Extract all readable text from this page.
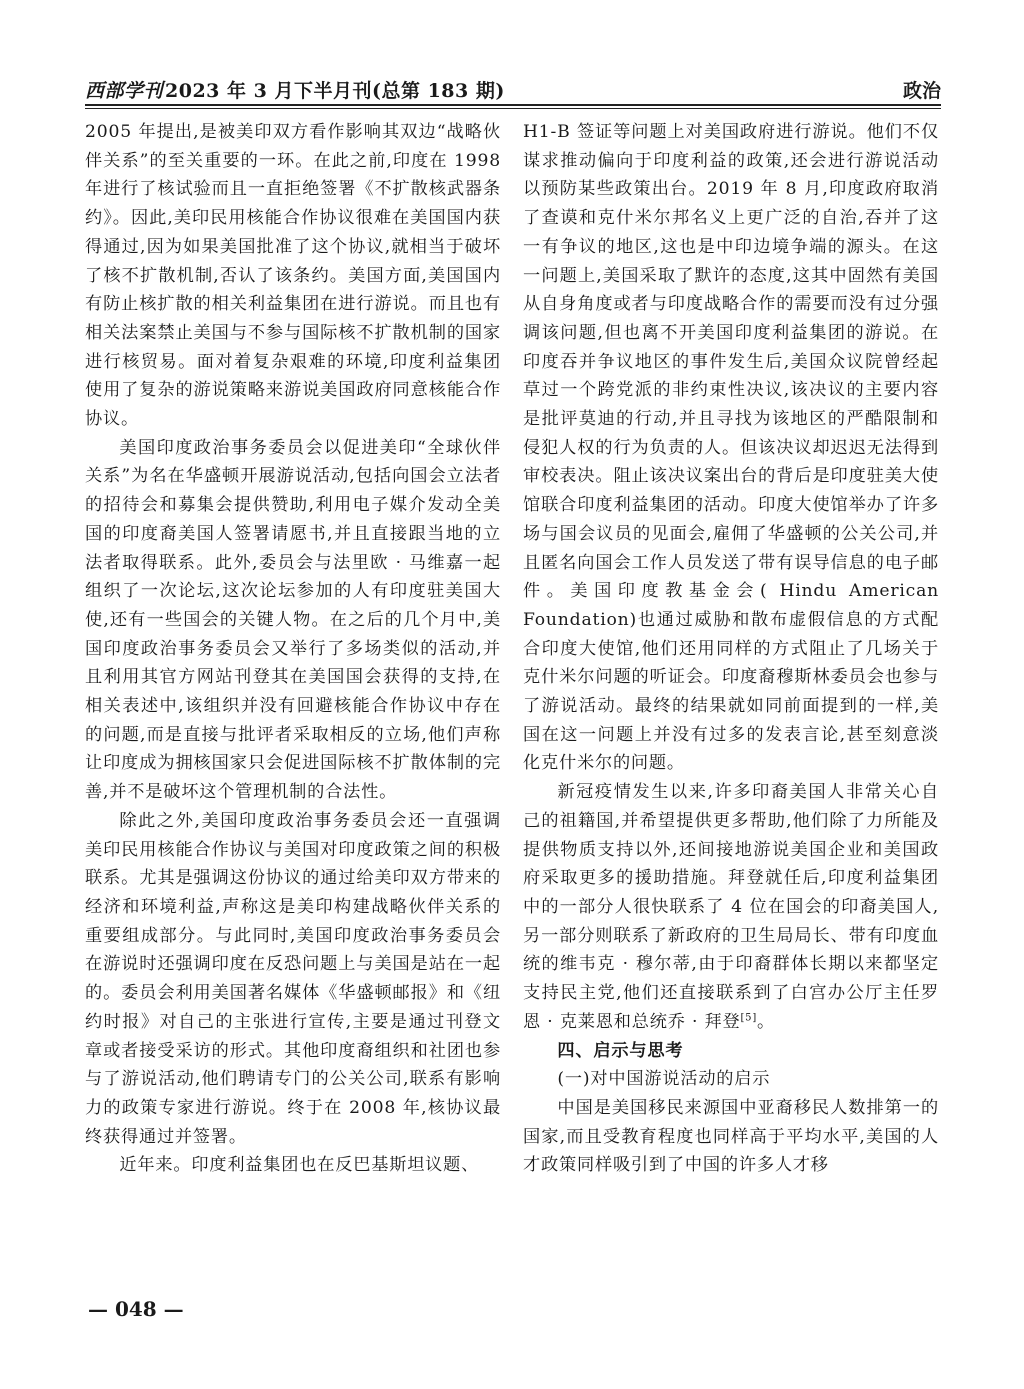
西部学刊 2023 年 3 月下半月刊(总第 183 期)	政治

2005 年提出,是被美印双方看作影响其双边“战略伙伴关系”的至关重要的一环。在此之前,印度在 1998 年进行了核试验而且一直拒绝签署《不扩散核武器条约》。因此,美印民用核能合作协议很难在美国国内获得通过,因为如果美国批准了这个协议,就相当于破坏了核不扩散机制,否认了该条约。美国方面,美国国内有防止核扩散的相关利益集团在进行游说。而且也有相关法案禁止美国与不参与国际核不扩散机制的国家进行核贸易。面对着复杂艰难的环境,印度利益集团使用了复杂的游说策略来游说美国政府同意核能合作协议。

美国印度政治事务委员会以促进美印“全球伙伴关系”为名在华盛顿开展游说活动,包括向国会立法者的招待会和募集会提供赞助,利用电子媒介发动全美国的印度裔美国人签署请愿书,并且直接跟当地的立法者取得联系。此外,委员会与法里欧 · 马维嘉一起组织了一次论坛,这次论坛参加的人有印度驻美国大使,还有一些国会的关键人物。在之后的几个月中,美国印度政治事务委员会又举行了多场类似的活动,并且利用其官方网站刊登其在美国国会获得的支持,在相关表述中,该组织并没有回避核能合作协议中存在的问题,而是直接与批评者采取相反的立场,他们声称让印度成为拥核国家只会促进国际核不扩散体制的完善,并不是破坏这个管理机制的合法性。

除此之外,美国印度政治事务委员会还一直强调美印民用核能合作协议与美国对印度政策之间的积极联系。尤其是强调这份协议的通过给美印双方带来的经济和环境利益,声称这是美印构建战略伙伴关系的重要组成部分。与此同时,美国印度政治事务委员会在游说时还强调印度在反恐问题上与美国是站在一起的。委员会利用美国著名媒体《华盛顿邮报》和《纽约时报》对自己的主张进行宣传,主要是通过刊登文章或者接受采访的形式。其他印度裔组织和社团也参与了游说活动,他们聘请专门的公关公司,联系有影响力的政策专家进行游说。终于在 2008 年,核协议最终获得通过并签署。

近年来。印度利益集团也在反巴基斯坦议题、

H1-B 签证等问题上对美国政府进行游说。他们不仅谋求推动偏向于印度利益的政策,还会进行游说活动以预防某些政策出台。2019 年 8 月,印度政府取消了查谟和克什米尔邦名义上更广泛的自治,吞并了这一有争议的地区,这也是中印边境争端的源头。在这一问题上,美国采取了默许的态度,这其中固然有美国从自身角度或者与印度战略合作的需要而没有过分强调该问题,但也离不开美国印度利益集团的游说。在印度吞并争议地区的事件发生后,美国众议院曾经起草过一个跨党派的非约束性决议,该决议的主要内容是批评莫迪的行动,并且寻找为该地区的严酷限制和侵犯人权的行为负责的人。但该决议却迟迟无法得到审校表决。阻止该决议案出台的背后是印度驻美大使馆联合印度利益集团的活动。印度大使馆举办了许多场与国会议员的见面会,雇佣了华盛顿的公关公司,并且匿名向国会工作人员发送了带有误导信息的电子邮件。美国印度教基金会( Hindu American Foundation)也通过威胁和散布虚假信息的方式配合印度大使馆,他们还用同样的方式阻止了几场关于克什米尔问题的听证会。印度裔穆斯林委员会也参与了游说活动。最终的结果就如同前面提到的一样,美国在这一问题上并没有过多的发表言论,甚至刻意淡化克什米尔的问题。

新冠疫情发生以来,许多印裔美国人非常关心自己的祖籍国,并希望提供更多帮助,他们除了力所能及提供物质支持以外,还间接地游说美国企业和美国政府采取更多的援助措施。拜登就任后,印度利益集团中的一部分人很快联系了 4 位在国会的印裔美国人,另一部分则联系了新政府的卫生局局长、带有印度血统的维韦克 · 穆尔蒂,由于印裔群体长期以来都坚定支持民主党,他们还直接联系到了白宫办公厅主任罗恩 · 克莱恩和总统乔 · 拜登[5]。

四、启示与思考

(一)对中国游说活动的启示

中国是美国移民来源国中亚裔移民人数排第一的国家,而且受教育程度也同样高于平均水平,美国的人才政策同样吸引到了中国的许多人才移

— 048 —
